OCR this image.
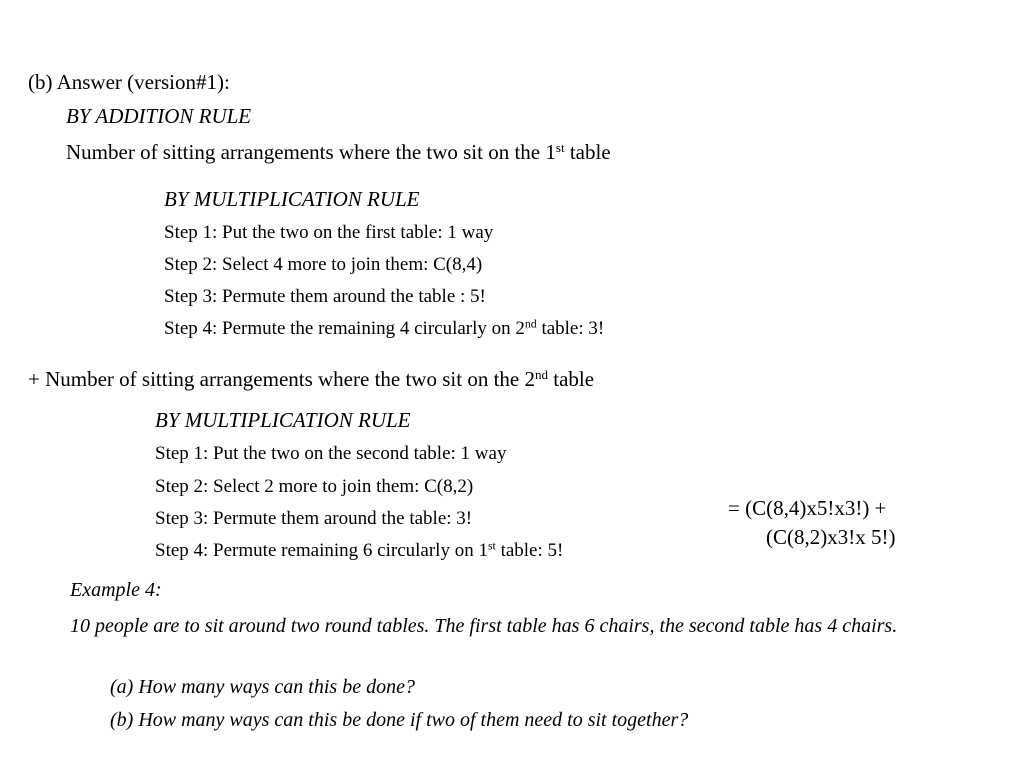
(b) Answer (version#1):
BY ADDITION RULE
Number of sitting arrangements where the two sit on the 1st table
BY MULTIPLICATION RULE
Step 1: Put the two on the first table: 1 way
Step 2: Select 4 more to join them: C(8,4)
Step 3: Permute them around the table : 5!
Step 4: Permute the remaining 4 circularly on 2nd table: 3!
+ Number of sitting arrangements where the two sit on the 2nd table
BY MULTIPLICATION RULE
Step 1: Put the two on the second table: 1 way
Step 2: Select 2 more to join them: C(8,2)
Step 3: Permute them around the table: 3!
Step 4: Permute remaining 6 circularly on 1st table: 5!
= (C(8,4)x5!x3!) +
(C(8,2)x3!x 5!)
Example 4:
10 people are to sit around two round tables. The first table has 6 chairs, the second table has 4 chairs.
(a) How many ways can this be done?
(b) How many ways can this be done if two of them need to sit together?
